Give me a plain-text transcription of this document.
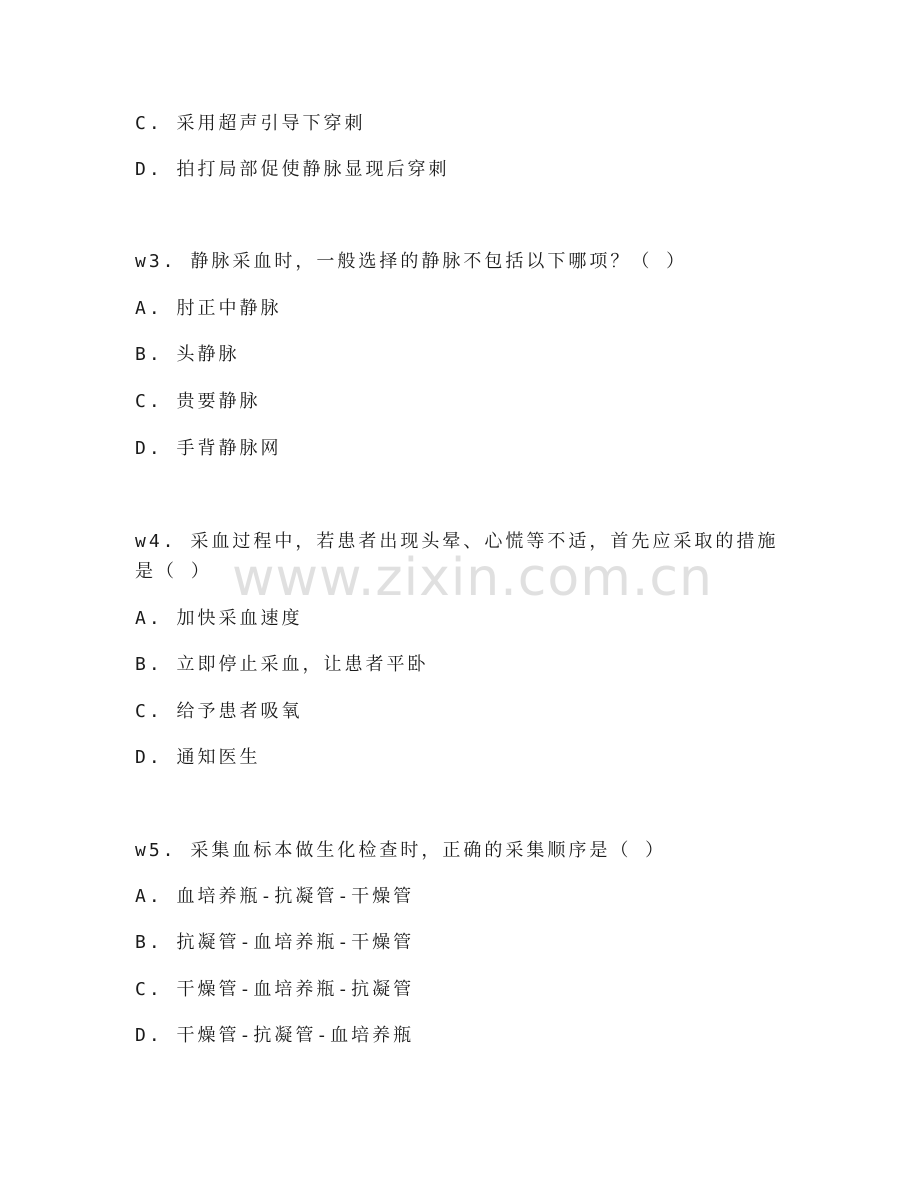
www.zixin.com.cn
C. 采用超声引导下穿刺
D. 拍打局部促使静脉显现后穿刺
w3. 静脉采血时，一般选择的静脉不包括以下哪项？（ ）
A. 肘正中静脉
B. 头静脉
C. 贵要静脉
D. 手背静脉网
w4. 采血过程中，若患者出现头晕、心慌等不适，首先应采取的措施
是（ ）
A. 加快采血速度
B. 立即停止采血，让患者平卧
C. 给予患者吸氧
D. 通知医生
w5. 采集血标本做生化检查时，正确的采集顺序是（ ）
A. 血培养瓶-抗凝管-干燥管
B. 抗凝管-血培养瓶-干燥管
C. 干燥管-血培养瓶-抗凝管
D. 干燥管-抗凝管-血培养瓶
